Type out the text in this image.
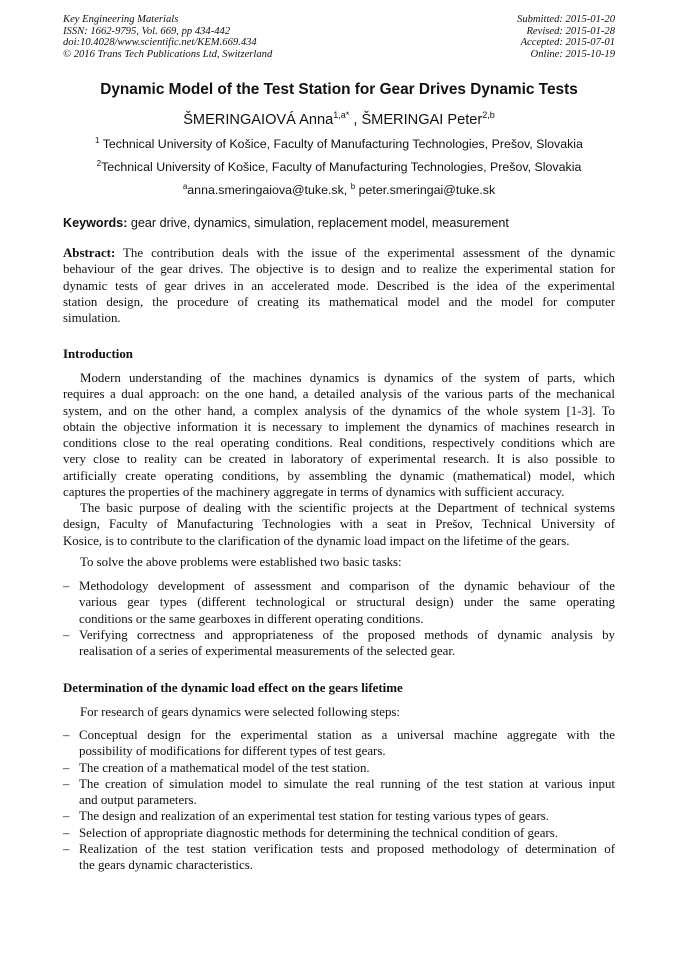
Key Engineering Materials
ISSN: 1662-9795, Vol. 669, pp 434-442
doi:10.4028/www.scientific.net/KEM.669.434
© 2016 Trans Tech Publications Ltd, Switzerland
Submitted: 2015-01-20
Revised: 2015-01-28
Accepted: 2015-07-01
Online: 2015-10-19
Dynamic Model of the Test Station for Gear Drives Dynamic Tests
ŠMERINGAIOVÁ Anna$^{1,a*}$ , ŠMERINGAI Peter$^{2,b}$
$^1$ Technical University of Košice, Faculty of Manufacturing Technologies, Prešov, Slovakia
$^2$Technical University of Košice, Faculty of Manufacturing Technologies, Prešov, Slovakia
$^a$anna.smeringaiova@tuke.sk, $^b$ peter.smeringai@tuke.sk
Keywords: gear drive, dynamics, simulation, replacement model, measurement
Abstract: The contribution deals with the issue of the experimental assessment of the dynamic
behaviour of the gear drives. The objective is to design and to realize the experimental station for
dynamic tests of gear drives in an accelerated mode. Described is the idea of the experimental
station design, the procedure of creating its mathematical model and the model for computer
simulation.
Introduction
Modern understanding of the machines dynamics is dynamics of the system of parts, which
requires a dual approach: on the one hand, a detailed analysis of the various parts of the mechanical
system, and on the other hand, a complex analysis of the dynamics of the whole system [1-3]. To
obtain the objective information it is necessary to implement the dynamics of machines research in
conditions close to the real operating conditions. Real conditions, respectively conditions which are
very close to reality can be created in laboratory of experimental research. It is also possible to
artificially create operating conditions, by assembling the dynamic (mathematical) model, which
captures the properties of the machinery aggregate in terms of dynamics with sufficient accuracy.
The basic purpose of dealing with the scientific projects at the Department of technical systems
design, Faculty of Manufacturing Technologies with a seat in Prešov, Technical University of
Kosice, is to contribute to the clarification of the dynamic load impact on the lifetime of the gears.
To solve the above problems were established two basic tasks:
– Methodology development of assessment and comparison of the dynamic behaviour of the
various gear types (different technological or structural design) under the same operating
conditions or the same gearboxes in different operating conditions.
– Verifying correctness and appropriateness of the proposed methods of dynamic analysis by
realisation of a series of experimental measurements of the selected gear.
Determination of the dynamic load effect on the gears lifetime
For research of gears dynamics were selected following steps:
– Conceptual design for the experimental station as a universal machine aggregate with the
possibility of modifications for different types of test gears.
– The creation of a mathematical model of the test station.
– The creation of simulation model to simulate the real running of the test station at various input
and output parameters.
– The design and realization of an experimental test station for testing various types of gears.
– Selection of appropriate diagnostic methods for determining the technical condition of gears.
– Realization of the test station verification tests and proposed methodology of determination of
the gears dynamic characteristics.
